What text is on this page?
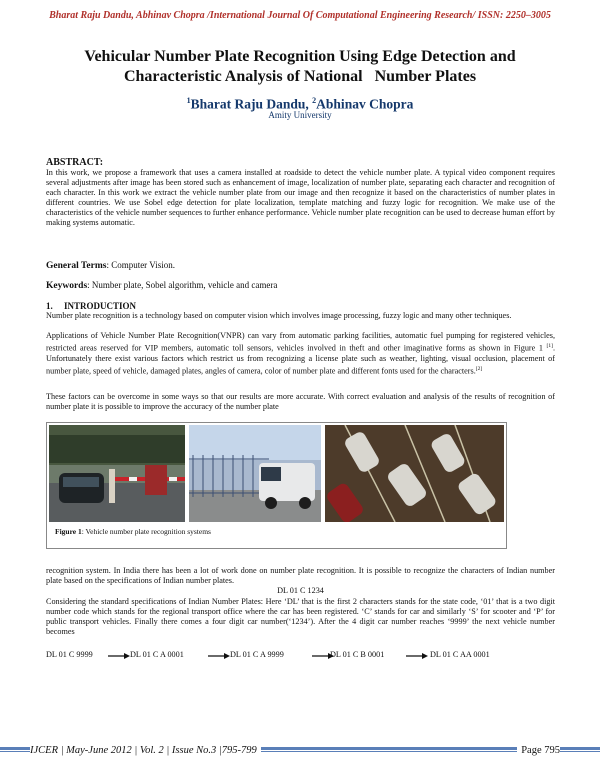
Bharat Raju Dandu, Abhinav Chopra /International Journal Of Computational Engineering Research/ ISSN: 2250–3005
Vehicular Number Plate Recognition Using Edge Detection and
Characteristic Analysis of National   Number Plates
$^1$Bharat Raju Dandu, $^2$Abhinav Chopra
Amity University
ABSTRACT:
In this work, we propose a framework that uses a camera installed at roadside to detect the vehicle number plate. A typical video component requires several adjustments after image has been stored such as enhancement of image, localization of number plate, separating each character and recognition of each character. In this work we extract the vehicle number plate from our image and then recognize it based on the characteristics of number plates in different countries. We use Sobel edge detection for plate localization, template matching and fuzzy logic for recognition. We make use of the characteristics of the vehicle number sequences to further enhance performance. Vehicle number plate recognition can be used to decrease human effort by making systems automatic.
General Terms: Computer Vision.
Keywords: Number plate, Sobel algorithm, vehicle and camera
1. INTRODUCTION
Number plate recognition is a technology based on computer vision which involves image processing, fuzzy logic and many other techniques.
Applications of Vehicle Number Plate Recognition(VNPR) can vary from automatic parking facilities, automatic fuel pumping for registered vehicles, restricted areas reserved for VIP members, automatic toll sensors, vehicles involved in theft and other imaginative forms as shown in Figure 1 [1]. Unfortunately there exist various factors which restrict us from recognizing a license plate such as weather, lighting, visual occlusion, placement of number plate, speed of vehicle, damaged plates, angles of camera, color of number plate and different fonts used for the characters.[2]
These factors can be overcome in some ways so that our results are more accurate. With correct evaluation and analysis of the results of recognition of number plate it is possible to improve the accuracy of the number plate
Figure 1: Vehicle number plate recognition systems
recognition system. In India there has been a lot of work done on number plate recognition. It is possible to recognize the characters of Indian number plate based on the specifications of Indian number plates.
DL 01 C 1234
Considering the standard specifications of Indian Number Plates: Here ‘DL’ that is the first 2 characters stands for the state code, ‘01’ that is a two digit number code which stands for the regional transport office where the car has been registered. ‘C’ stands for car and similarly ‘S’ for scooter and ‘P’ for public transport vehicles. Finally there comes a four digit car number(‘1234’). After the 4 digit car number reaches ‘9999’ the next vehicle number becomes
DL 01 C 9999	DL 01 C A 0001	DL 01 C A 9999	DL 01 C B 0001	DL 01 C AA 0001
IJCER | May-June 2012 | Vol. 2 | Issue No.3 |795-799	Page 795
